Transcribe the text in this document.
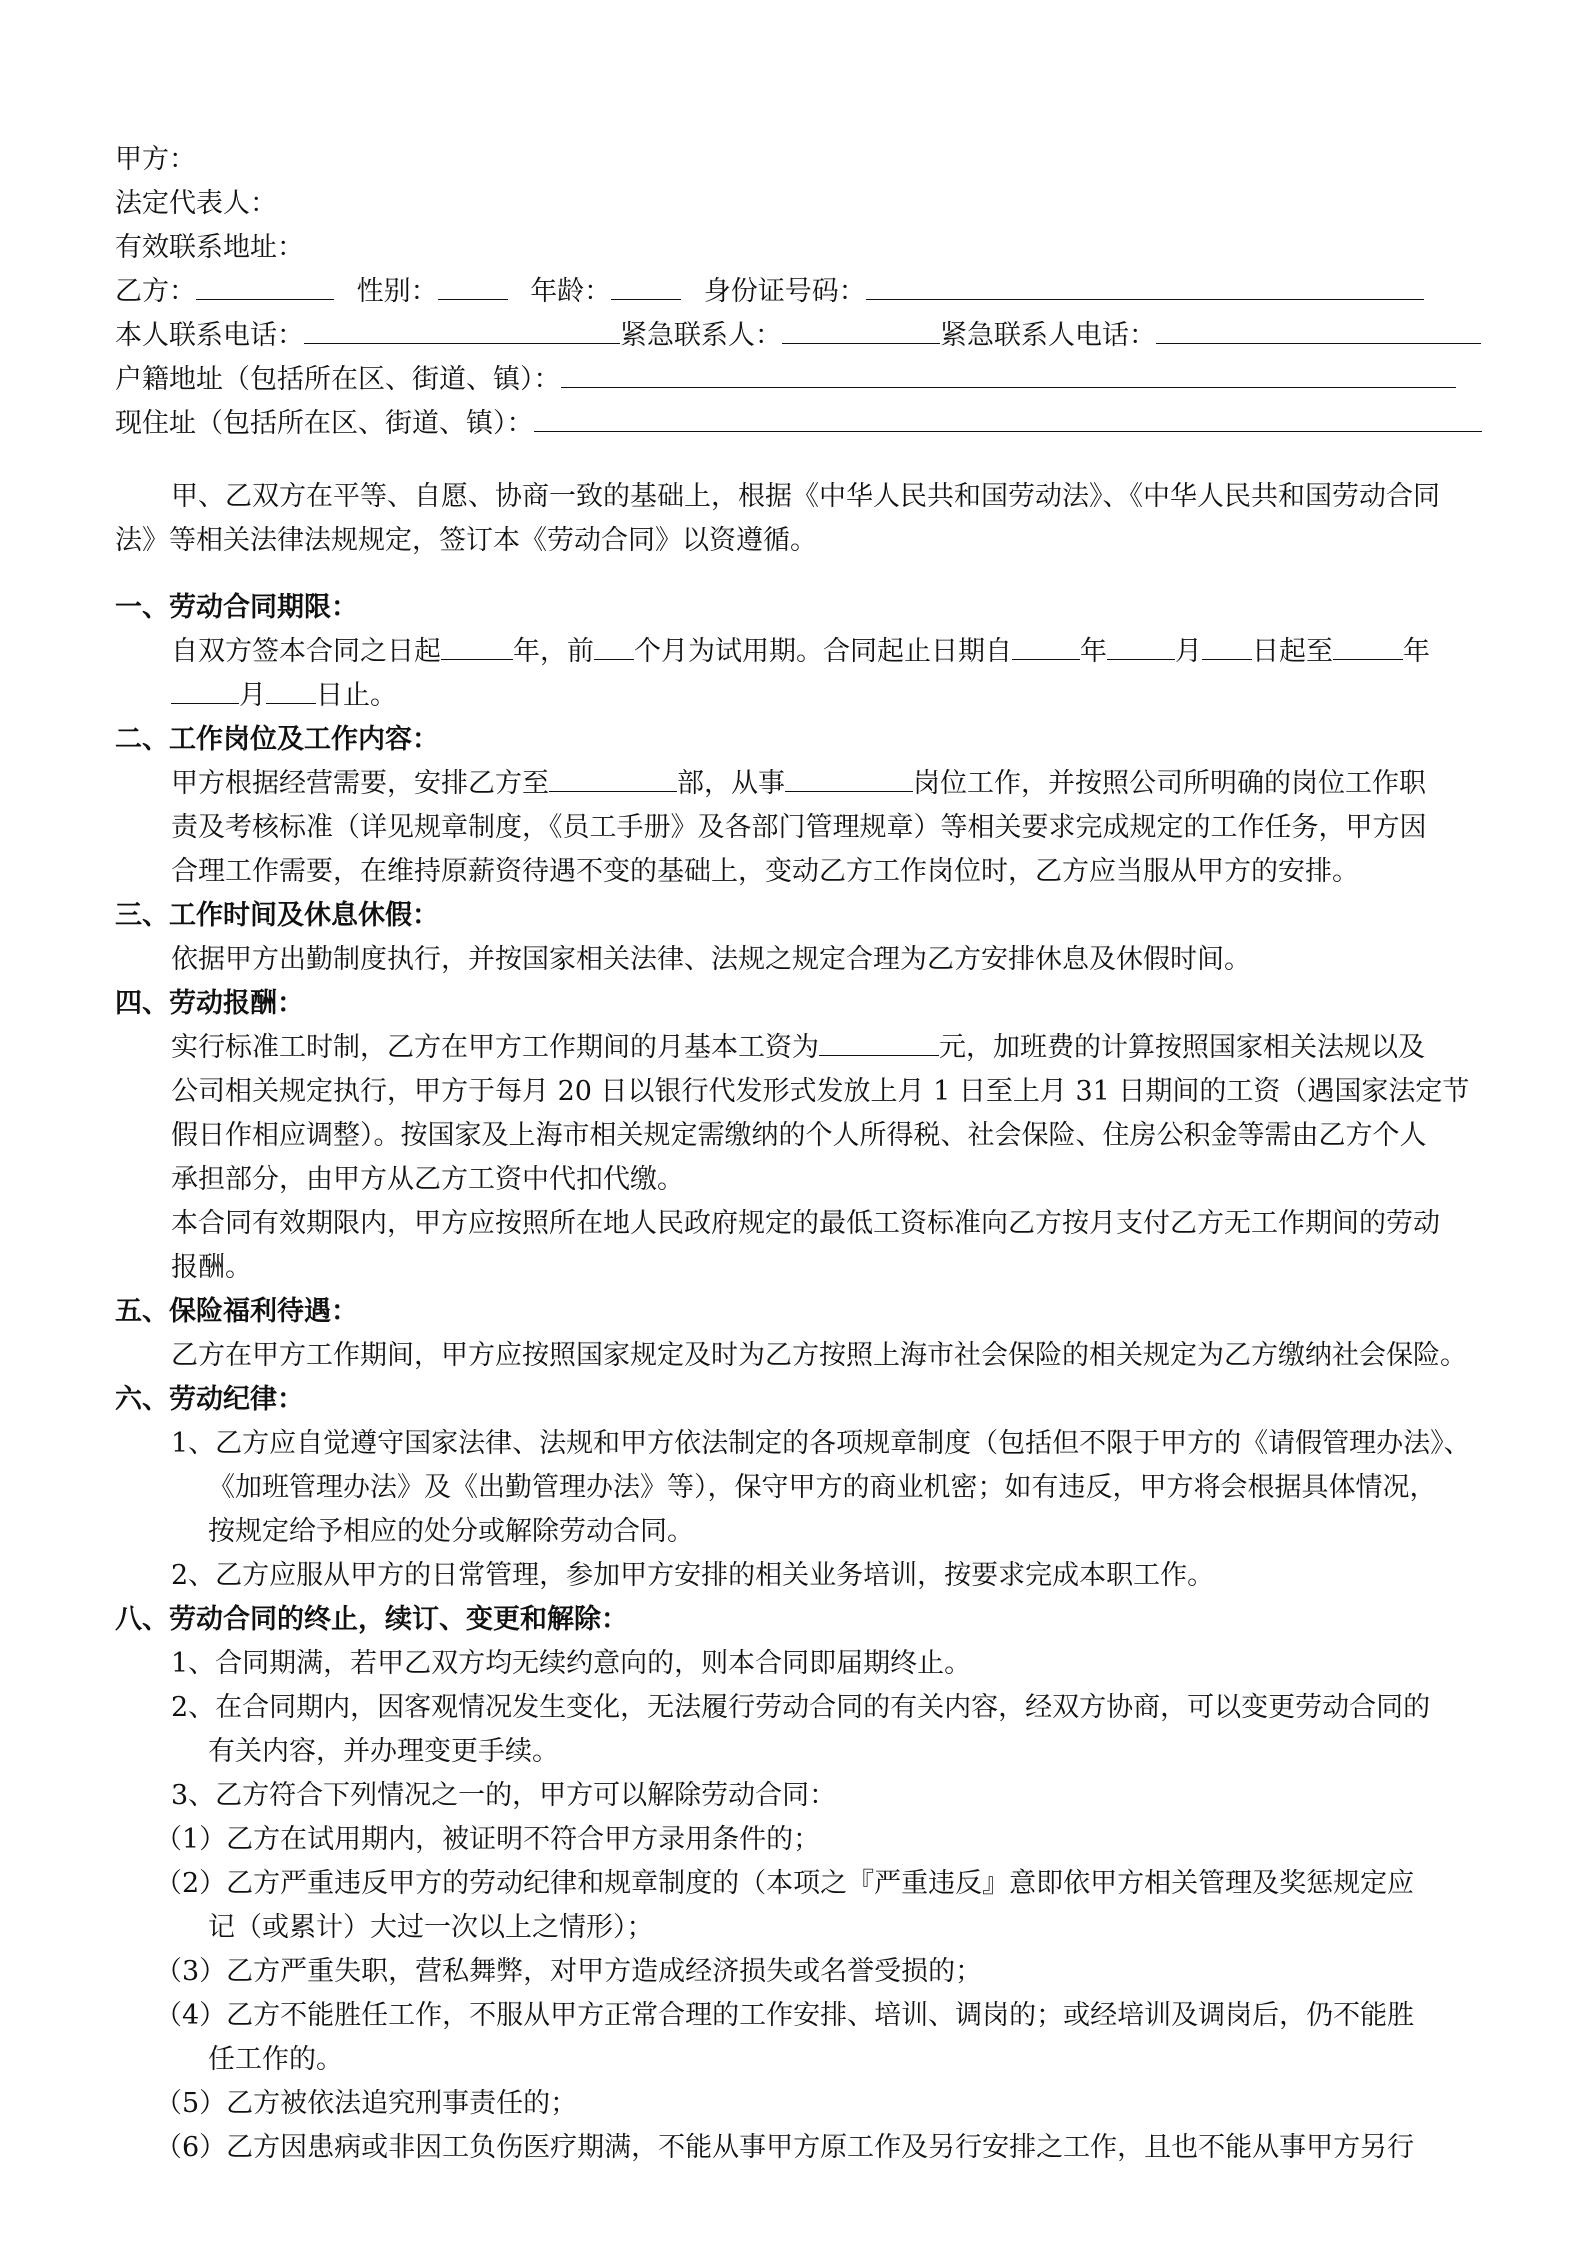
甲方：
法定代表人：
有效联系地址：
乙方：	性别：	年龄：	身份证号码：
本人联系电话：	紧急联系人：	紧急联系人电话：
户籍地址（包括所在区、街道、镇）：
现住址（包括所在区、街道、镇）：
甲、乙双方在平等、自愿、协商一致的基础上，根据《中华人民共和国劳动法》、《中华人民共和国劳动合同
法》等相关法律法规规定，签订本《劳动合同》以资遵循。
一、劳动合同期限：
自双方签本合同之日起	年，前 个月为试用期。合同起止日期自	年	月 日起至	年
月 日止。
二、工作岗位及工作内容：
甲方根据经营需要，安排乙方至	部，从事	岗位工作，并按照公司所明确的岗位工作职
责及考核标准（详见规章制度，《员工手册》及各部门管理规章）等相关要求完成规定的工作任务，甲方因
合理工作需要，在维持原薪资待遇不变的基础上，变动乙方工作岗位时，乙方应当服从甲方的安排。
三、工作时间及休息休假：
依据甲方出勤制度执行，并按国家相关法律、法规之规定合理为乙方安排休息及休假时间。
四、劳动报酬：
实行标准工时制，乙方在甲方工作期间的月基本工资为	元，加班费的计算按照国家相关法规以及
公司相关规定执行，甲方于每月 20 日以银行代发形式发放上月 1 日至上月 31 日期间的工资（遇国家法定节
假日作相应调整）。按国家及上海市相关规定需缴纳的个人所得税、社会保险、住房公积金等需由乙方个人
承担部分，由甲方从乙方工资中代扣代缴。
本合同有效期限内，甲方应按照所在地人民政府规定的最低工资标准向乙方按月支付乙方无工作期间的劳动
报酬。
五、保险福利待遇：
乙方在甲方工作期间，甲方应按照国家规定及时为乙方按照上海市社会保险的相关规定为乙方缴纳社会保险。
六、劳动纪律：
1、乙方应自觉遵守国家法律、法规和甲方依法制定的各项规章制度（包括但不限于甲方的《请假管理办法》、
《加班管理办法》及《出勤管理办法》等），保守甲方的商业机密；如有违反，甲方将会根据具体情况，
按规定给予相应的处分或解除劳动合同。
2、乙方应服从甲方的日常管理，参加甲方安排的相关业务培训，按要求完成本职工作。
八、劳动合同的终止，续订、变更和解除：
1、合同期满，若甲乙双方均无续约意向的，则本合同即届期终止。
2、在合同期内，因客观情况发生变化，无法履行劳动合同的有关内容，经双方协商，可以变更劳动合同的
有关内容，并办理变更手续。
3、乙方符合下列情况之一的，甲方可以解除劳动合同：
（1）乙方在试用期内，被证明不符合甲方录用条件的；
（2）乙方严重违反甲方的劳动纪律和规章制度的（本项之『严重违反』意即依甲方相关管理及奖惩规定应
记（或累计）大过一次以上之情形）；
（3）乙方严重失职，营私舞弊，对甲方造成经济损失或名誉受损的；
（4）乙方不能胜任工作，不服从甲方正常合理的工作安排、培训、调岗的；或经培训及调岗后，仍不能胜
任工作的。
（5）乙方被依法追究刑事责任的；
（6）乙方因患病或非因工负伤医疗期满，不能从事甲方原工作及另行安排之工作，且也不能从事甲方另行
